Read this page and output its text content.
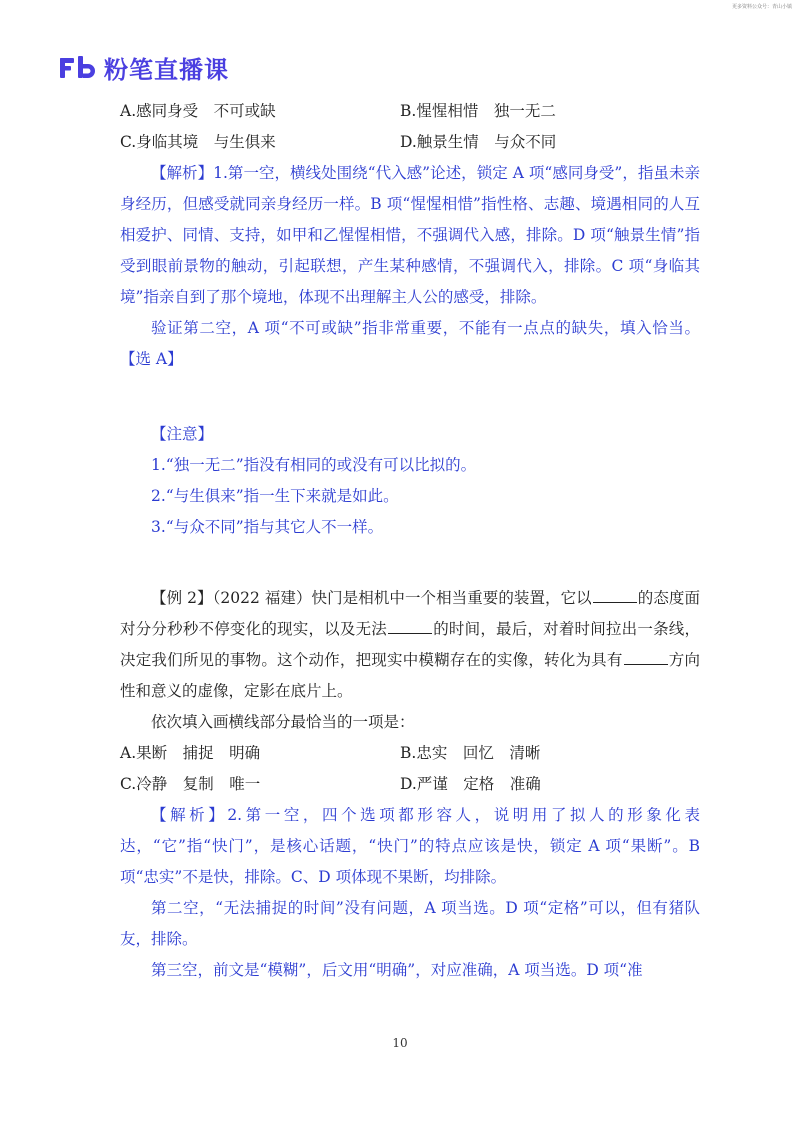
更多资料公众号：青山小镇
粉笔直播课
A.感同身受　不可或缺	B.惺惺相惜　独一无二
C.身临其境　与生俱来	D.触景生情　与众不同
【解析】1.第一空，横线处围绕“代入感”论述，锁定 A 项“感同身受”，指虽未亲身经历，但感受就同亲身经历一样。B 项“惺惺相惜”指性格、志趣、境遇相同的人互相爱护、同情、支持，如甲和乙惺惺相惜，不强调代入感，排除。D 项“触景生情”指受到眼前景物的触动，引起联想，产生某种感情，不强调代入，排除。C 项“身临其境”指亲自到了那个境地，体现不出理解主人公的感受，排除。
验证第二空，A 项“不可或缺”指非常重要，不能有一点点的缺失，填入恰当。【选 A】
【注意】
1.“独一无二”指没有相同的或没有可以比拟的。
2.“与生俱来”指一生下来就是如此。
3.“与众不同”指与其它人不一样。
【例 2】（2022 福建）快门是相机中一个相当重要的装置，它以	的态度面对分分秒秒不停变化的现实，以及无法	的时间，最后，对着时间拉出一条线，决定我们所见的事物。这个动作，把现实中模糊存在的实像，转化为具有	方向性和意义的虚像，定影在底片上。
依次填入画横线部分最恰当的一项是：
A.果断　捕捉　明确	B.忠实　回忆　清晰
C.冷静　复制　唯一	D.严谨　定格　准确
【解析】2.第一空，四个选项都形容人，说明用了拟人的形象化表达，“它”指“快门”，是核心话题，“快门”的特点应该是快，锁定 A 项“果断”。B 项“忠实”不是快，排除。C、D 项体现不果断，均排除。
第二空，“无法捕捉的时间”没有问题，A 项当选。D 项“定格”可以，但有猪队友，排除。
第三空，前文是“模糊”，后文用“明确”，对应准确，A 项当选。D 项“准
10
